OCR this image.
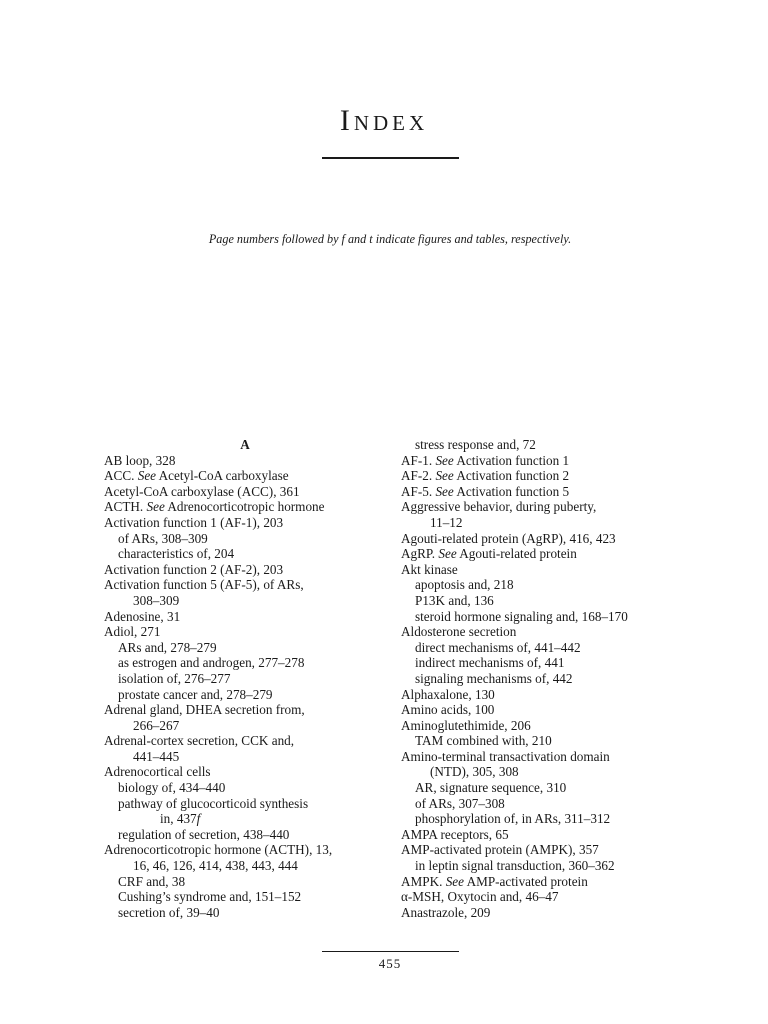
Index
Page numbers followed by f and t indicate figures and tables, respectively.
A
AB loop, 328
ACC. See Acetyl-CoA carboxylase
Acetyl-CoA carboxylase (ACC), 361
ACTH. See Adrenocorticotropic hormone
Activation function 1 (AF-1), 203
of ARs, 308–309
characteristics of, 204
Activation function 2 (AF-2), 203
Activation function 5 (AF-5), of ARs,
308–309
Adenosine, 31
Adiol, 271
ARs and, 278–279
as estrogen and androgen, 277–278
isolation of, 276–277
prostate cancer and, 278–279
Adrenal gland, DHEA secretion from,
266–267
Adrenal-cortex secretion, CCK and,
441–445
Adrenocortical cells
biology of, 434–440
pathway of glucocorticoid synthesis
in, 437f
regulation of secretion, 438–440
Adrenocorticotropic hormone (ACTH), 13,
16, 46, 126, 414, 438, 443, 444
CRF and, 38
Cushing’s syndrome and, 151–152
secretion of, 39–40
stress response and, 72
AF-1. See Activation function 1
AF-2. See Activation function 2
AF-5. See Activation function 5
Aggressive behavior, during puberty,
11–12
Agouti-related protein (AgRP), 416, 423
AgRP. See Agouti-related protein
Akt kinase
apoptosis and, 218
P13K and, 136
steroid hormone signaling and, 168–170
Aldosterone secretion
direct mechanisms of, 441–442
indirect mechanisms of, 441
signaling mechanisms of, 442
Alphaxalone, 130
Amino acids, 100
Aminoglutethimide, 206
TAM combined with, 210
Amino-terminal transactivation domain
(NTD), 305, 308
AR, signature sequence, 310
of ARs, 307–308
phosphorylation of, in ARs, 311–312
AMPA receptors, 65
AMP-activated protein (AMPK), 357
in leptin signal transduction, 360–362
AMPK. See AMP-activated protein
α-MSH, Oxytocin and, 46–47
Anastrazole, 209
455
